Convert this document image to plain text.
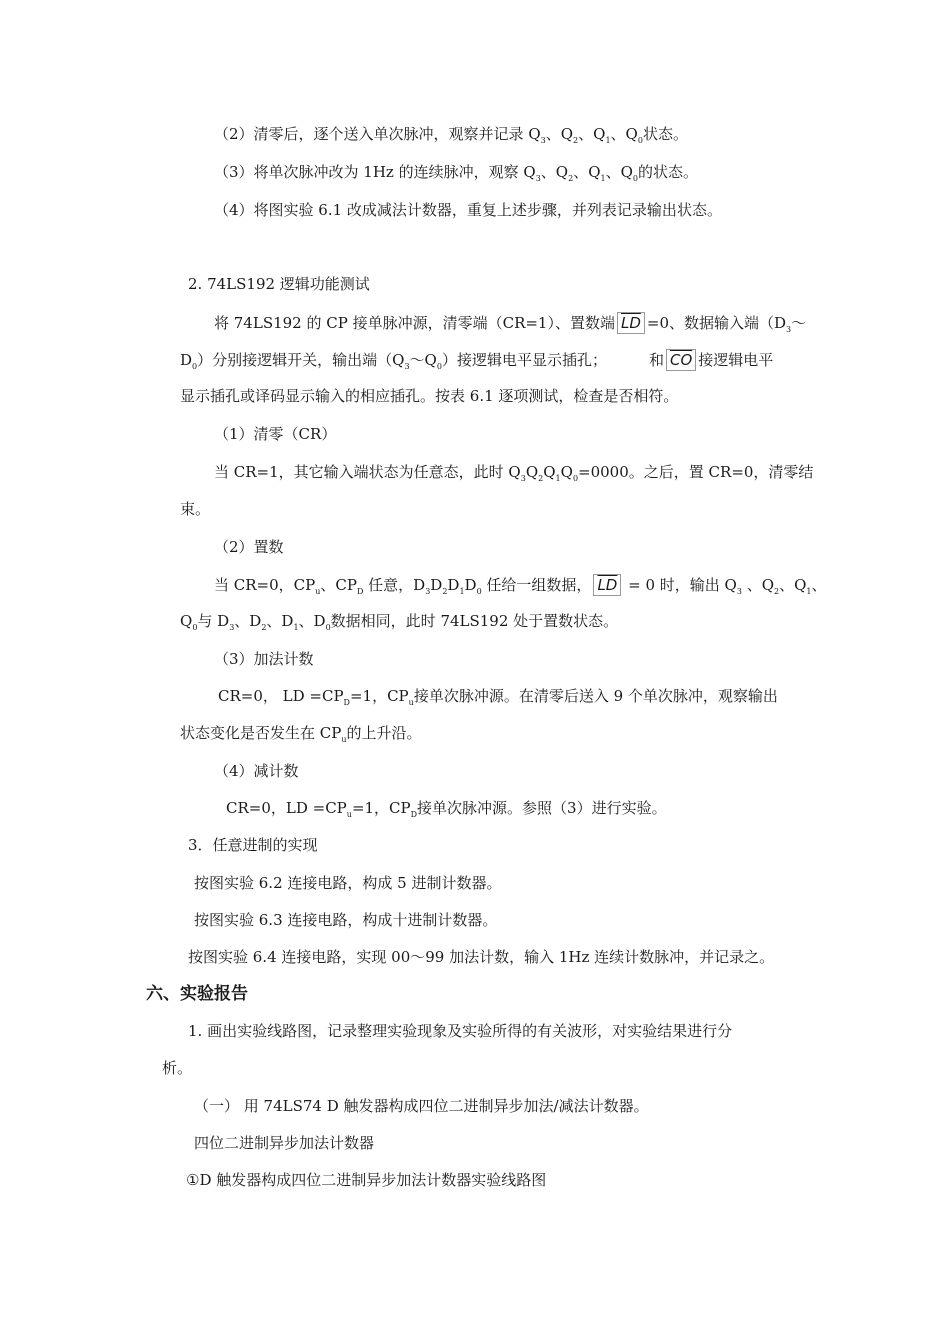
（2）清零后，逐个送入单次脉冲，观察并记录 $Q_3$、$Q_2$、$Q_1$、$Q_0$状态。
（3）将单次脉冲改为 1Hz 的连续脉冲，观察 $Q_3$、$Q_2$、$Q_1$、$Q_0$的状态。
（4）将图实验 6.1 改成减法计数器，重复上述步骤，并列表记录输出状态。
2. 74LS192 逻辑功能测试
将 74LS192 的 CP 接单脉冲源，清零端（CR=1）、置数端 $\overline{LD} =0$、数据输入端（$D_3\sim$
$D_0$）分别接逻辑开关，输出端$(Q_3\sim Q_0)$接逻辑电平显示插孔；	和 $\overline{CO}$ 接逻辑电平
显示插孔或译码显示输入的相应插孔。按表 6.1 逐项测试，检查是否相符。
（1）清零（CR）
当 CR=1，其它输入端状态为任意态，此时 $Q_3Q_2Q_1Q_0=0000$。之后，置 CR=0，清零结
束。
（2）置数
当 CR=0，$CP_u$、$CP_D$ 任意，$D_3D_2D_1D_0$ 任给一组数据， $\overline{LD} = 0$ 时，输出 $Q_3$ 、$Q_2$、$Q_1$、
$Q_0$与 $D_3$、$D_2$、$D_1$、$D_0$数据相同，此时 74LS192 处于置数状态。
（3）加法计数
CR=0， LD $=CP_D=1$，$CP_u$接单次脉冲源。在清零后送入 9 个单次脉冲，观察输出
状态变化是否发生在 $CP_u$的上升沿。
（4）减计数
CR=0，LD $=CP_u=1$，$CP_D$接单次脉冲源。参照（3）进行实验。
3．任意进制的实现
按图实验 6.2 连接电路，构成 5 进制计数器。
按图实验 6.3 连接电路，构成十进制计数器。
按图实验 6.4 连接电路，实现 00～99 加法计数，输入 1Hz 连续计数脉冲，并记录之。
六、实验报告
1. 画出实验线路图，记录整理实验现象及实验所得的有关波形，对实验结果进行分
析。
（一） 用 74LS74 D 触发器构成四位二进制异步加法/减法计数器。
四位二进制异步加法计数器
①D 触发器构成四位二进制异步加法计数器实验线路图
